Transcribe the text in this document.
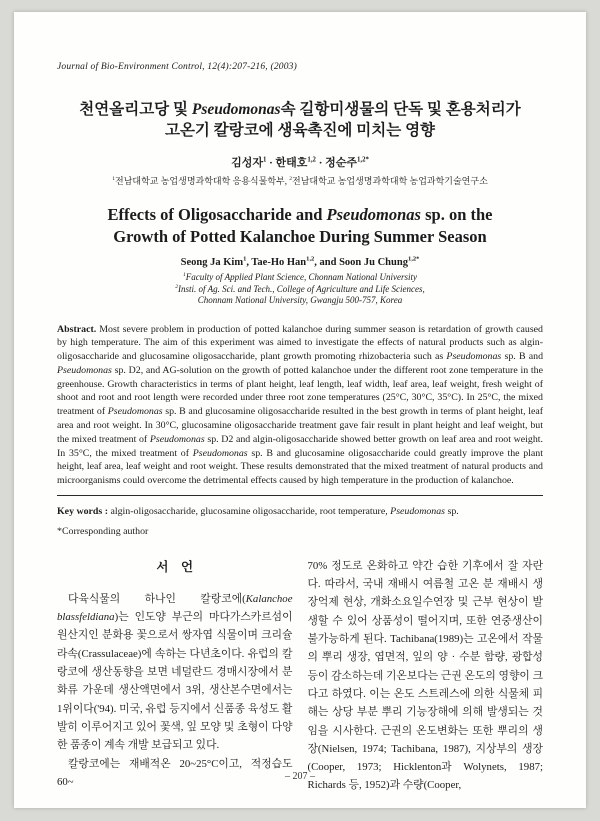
Journal of Bio-Environment Control, 12(4):207-216, (2003)
천연올리고당 및 Pseudomonas속 길항미생물의 단독 및 혼용처리가
고온기 칼랑코에 생육촉진에 미치는 영향
김성자$^1$ · 한태호$^{1,2}$ · 정순주$^{1,2*}$
$^1$전남대학교 농업생명과학대학 응용식물학부, $^2$전남대학교 농업생명과학대학 농업과학기술연구소
Effects of Oligosaccharide and Pseudomonas sp. on the
Growth of Potted Kalanchoe During Summer Season
Seong Ja Kim$^1$, Tae-Ho Han$^{1,2}$, and Soon Ju Chung$^{1,2*}$
$^1$Faculty of Applied Plant Science, Chonnam National University
$^2$Insti. of Ag. Sci. and Tech., College of Agriculture and Life Sciences,
Chonnam National University, Gwangju 500-757, Korea
Abstract. Most severe problem in production of potted kalanchoe during summer season is retardation of growth caused by high temperature. The aim of this experiment was aimed to investigate the effects of natural products such as algin-oligosaccharide and glucosamine oligosaccharide, plant growth promoting rhizobacteria such as Pseudomonas sp. B and Pseudomonas sp. D2, and AG-solution on the growth of potted kalanchoe under the different root zone temperature in the greenhouse. Growth characteristics in terms of plant height, leaf length, leaf width, leaf area, leaf weight, fresh weight of shoot and root and root length were recorded under three root zone temperatures (25°C, 30°C, 35°C). In 25°C, the mixed treatment of Pseudomonas sp. B and glucosamine oligosaccharide resulted in the best growth in terms of plant height, leaf area and root weight. In 30°C, glucosamine oligosaccharide treatment gave fair result in plant height and leaf weight, but the mixed treatment of Pseudomonas sp. D2 and algin-oligosaccharide showed better growth on leaf area and root weight. In 35°C, the mixed treatment of Pseudomonas sp. B and glucosamine oligosaccharide could greatly improve the plant height, leaf area, leaf weight and root weight. These results demonstrated that the mixed treatment of natural products and microorganisms could overcome the detrimental effects caused by high temperature in the production of kalanchoe.
Key words : algin-oligosaccharide, glucosamine oligosaccharide, root temperature, Pseudomonas sp.
*Corresponding author
서    언

다육식물의 하나인 칼랑코에(Kalanchoe blassfeldiana)는 인도양 부근의 마다가스카르섬이 원산지인 분화용 꽃으로서 쌍자엽 식물이며 크리슐라속(Crassulaceae)에 속하는 다년초이다. 유럽의 칼랑코에 생산동향을 보면 네덜란드 경매시장에서 분화류 가운데 생산액면에서 3위, 생산본수면에서는 1위이다('94). 미국, 유럽 등지에서 신품종 육성도 활발히 이루어지고 있어 꽃색, 잎 모양 및 초형이 다양한 품종이 계속 개발 보급되고 있다.

칼랑코에는 재배적온 20~25°C이고, 적정습도 60~

70% 정도로 온화하고 약간 습한 기후에서 잘 자란다. 따라서, 국내 재배시 여름철 고온 분 재배시 생장억제 현상, 개화소요일수연장 및 근부 현상이 발생할 수 있어 상품성이 떨어지며, 또한 연중생산이 불가능하게 된다. Tachibana(1989)는 고온에서 작물의 뿌리 생장, 엽면적, 잎의 양 · 수분 함량, 광합성 등이 감소하는데 기온보다는 근권 온도의 영향이 크다고 하였다. 이는 온도 스트레스에 의한 식물체 피해는 상당 부분 뿌리 기능장해에 의해 발생되는 것임을 시사한다. 근권의 온도변화는 또한 뿌리의 생장(Nielsen, 1974; Tachibana, 1987), 지상부의 생장(Cooper, 1973; Hicklenton과 Wolynets, 1987; Richards 등, 1952)과 수량(Cooper,

– 207 –
